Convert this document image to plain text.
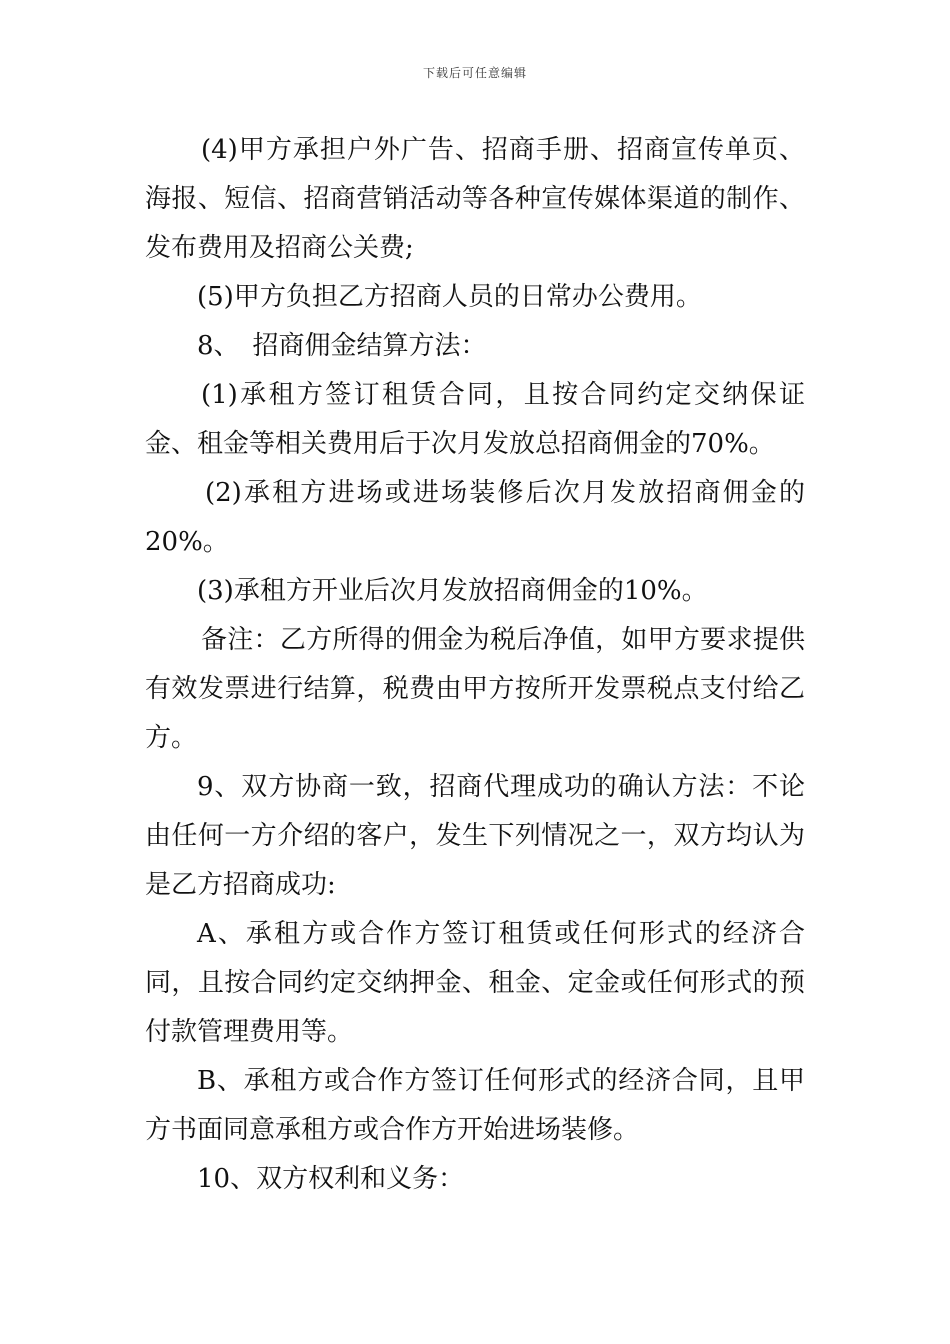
下载后可任意编辑

(4)甲方承担户外广告、招商手册、招商宣传单页、海报、短信、招商营销活动等各种宣传媒体渠道的制作、发布费用及招商公关费;

(5)甲方负担乙方招商人员的日常办公费用。

8、　招商佣金结算方法：

(1)承租方签订租赁合同，且按合同约定交纳保证金、租金等相关费用后于次月发放总招商佣金的70%。

(2)承租方进场或进场装修后次月发放招商佣金的20%。

(3)承租方开业后次月发放招商佣金的10%。

备注：乙方所得的佣金为税后净值，如甲方要求提供有效发票进行结算，税费由甲方按所开发票税点支付给乙方。

9、双方协商一致，招商代理成功的确认方法：不论由任何一方介绍的客户，发生下列情况之一，双方均认为是乙方招商成功:

A、承租方或合作方签订租赁或任何形式的经济合同，且按合同约定交纳押金、租金、定金或任何形式的预付款管理费用等。

B、承租方或合作方签订任何形式的经济合同，且甲方书面同意承租方或合作方开始进场装修。

10、双方权利和义务：
